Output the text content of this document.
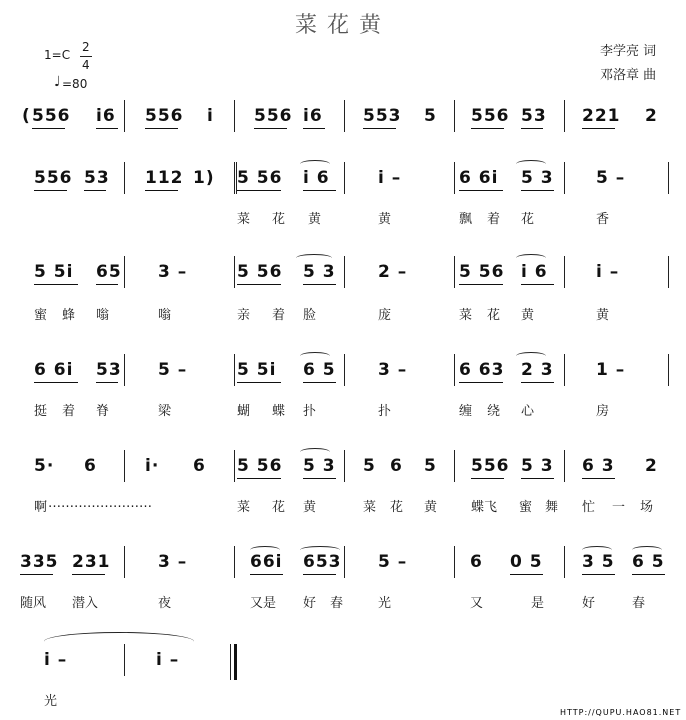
菜花黄
1=C
2
4
♩ =80
李学亮 词
邓洛章 曲
( 556 i6 556 i 556 i6 553 5 556 53 221 2
556 53 112 1) 5 56 i 6	i –	6 6i 5 3 5 –
菜 花 黄	黄	飘 着 花	香
5 5i 65 3 –	5 56 5 3 2 –	5 56 i 6	i –
蜜 蜂 嗡	嗡	亲 着 脸	庞	菜 花 黄	黄
6 6i 53 5 –	5 5i 6 5 3 –	6 63 2 3 1 –
挺 着 脊	梁	蝴 蝶 扑	扑	缠 绕 心	房
5· 6	i· 6 5 56 5 3 5 6 5 556 5 3 6 3 2
啊 ……………………	菜 花 黄	菜 花 黄	蝶飞 蜜 舞 忙 一 场
335 231	3 –	66i 653 5 –	6 0 5 3 5 6 5
随风 潜入	夜	又是 好 春	光	又	是	好	春
i –	i –
光
HTTP://QUPU.HAO81.NET
